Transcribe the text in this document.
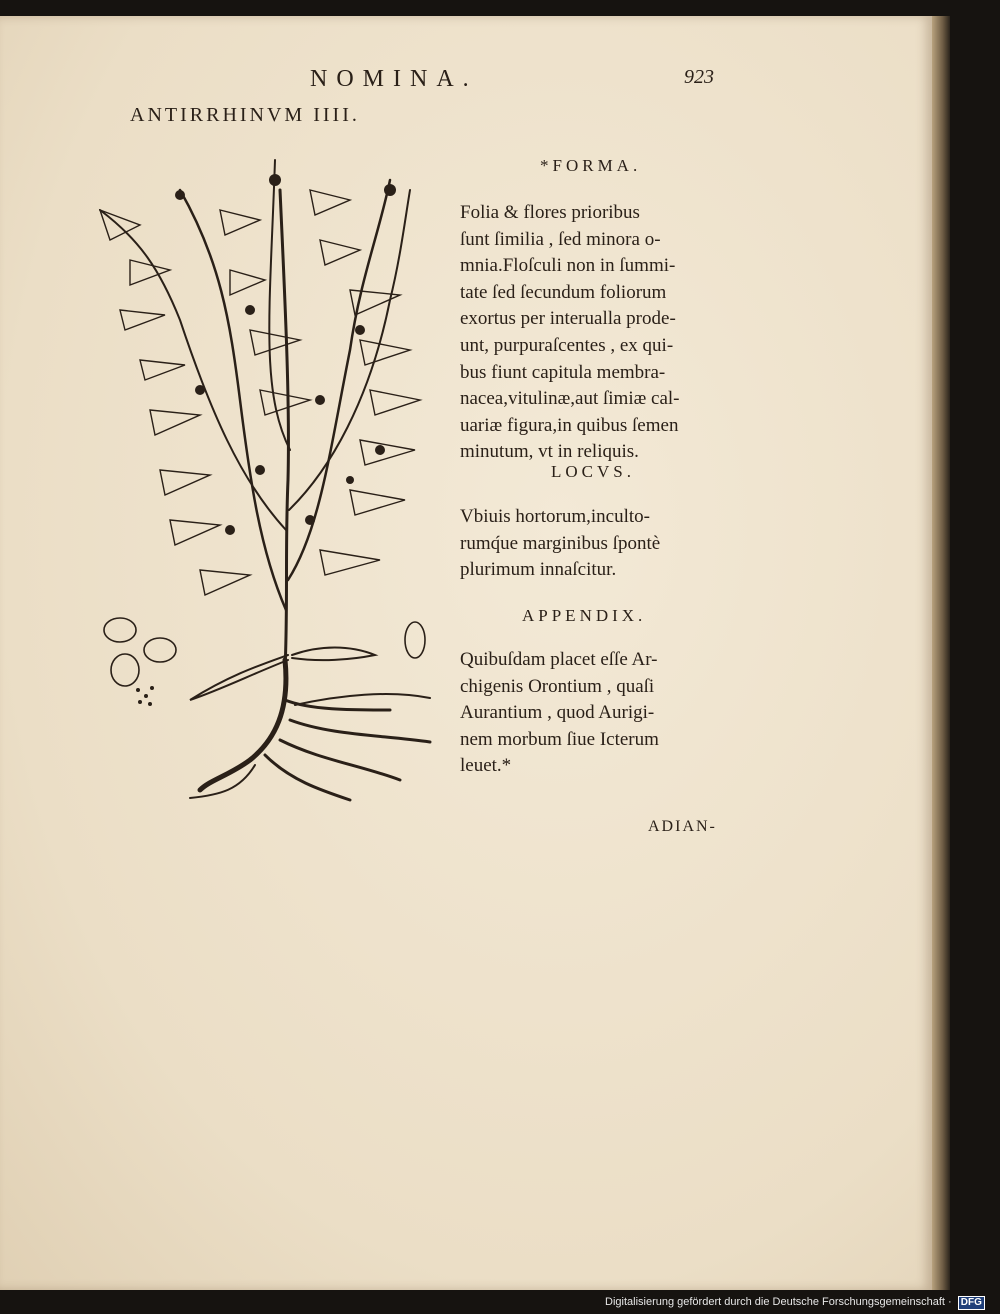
NOMINA.	923
ANTIRRHINVM IIII.
*FORMA.
Folia & flores prioribus
ſunt ſimilia , ſed minora o-
mnia.Floſculi non in ſummi-
tate ſed ſecundum foliorum
exortus per interualla prode-
unt, purpuraſcentes , ex qui-
bus fiunt capitula membra-
nacea,vitulinæ,aut ſimiæ cal-
uariæ figura,in quibus ſemen
minutum, vt in reliquis.
LOCVS.
Vbiuis hortorum,inculto-
rumq́ue marginibus ſpontè
plurimum innaſcitur.
APPENDIX.
Quibuſdam placet eſſe Ar-
chigenis Orontium , quaſi
Aurantium , quod Aurigi-
nem morbum ſiue Icterum
leuet.*
ADIAN-
Digitalisierung gefördert durch die Deutsche Forschungsgemeinschaft · DFG
